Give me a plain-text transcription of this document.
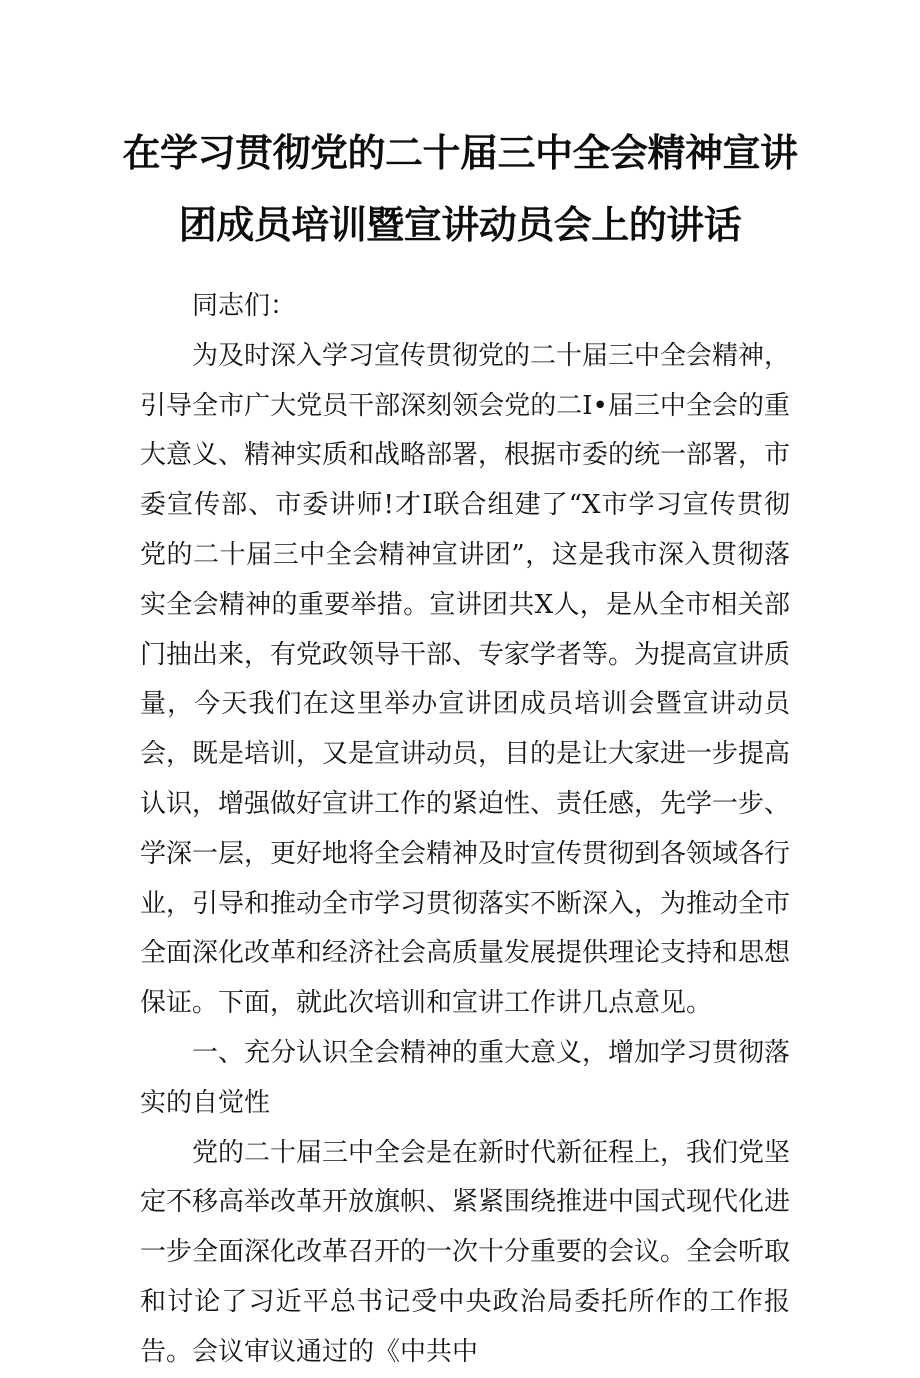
在学习贯彻党的二十届三中全会精神宣讲
团成员培训暨宣讲动员会上的讲话

同志们：

为及时深入学习宣传贯彻党的二十届三中全会精神，引导全市广大党员干部深刻领会党的二I•届三中全会的重大意义、精神实质和战略部署，根据市委的统一部署，市委宣传部、市委讲师!才I联合组建了“X市学习宣传贯彻党的二十届三中全会精神宣讲团”，这是我市深入贯彻落实全会精神的重要举措。宣讲团共X人，是从全市相关部门抽出来，有党政领导干部、专家学者等。为提高宣讲质量，今天我们在这里举办宣讲团成员培训会暨宣讲动员会，既是培训，又是宣讲动员，目的是让大家进一步提高认识，增强做好宣讲工作的紧迫性、责任感，先学一步、学深一层，更好地将全会精神及时宣传贯彻到各领域各行业，引导和推动全市学习贯彻落实不断深入，为推动全市全面深化改革和经济社会高质量发展提供理论支持和思想保证。下面，就此次培训和宣讲工作讲几点意见。

一、充分认识全会精神的重大意义，增加学习贯彻落实的自觉性

党的二十届三中全会是在新时代新征程上，我们党坚定不移高举改革开放旗帜、紧紧围绕推进中国式现代化进一步全面深化改革召开的一次十分重要的会议。全会听取和讨论了习近平总书记受中央政治局委托所作的工作报告。会议审议通过的《中共中
